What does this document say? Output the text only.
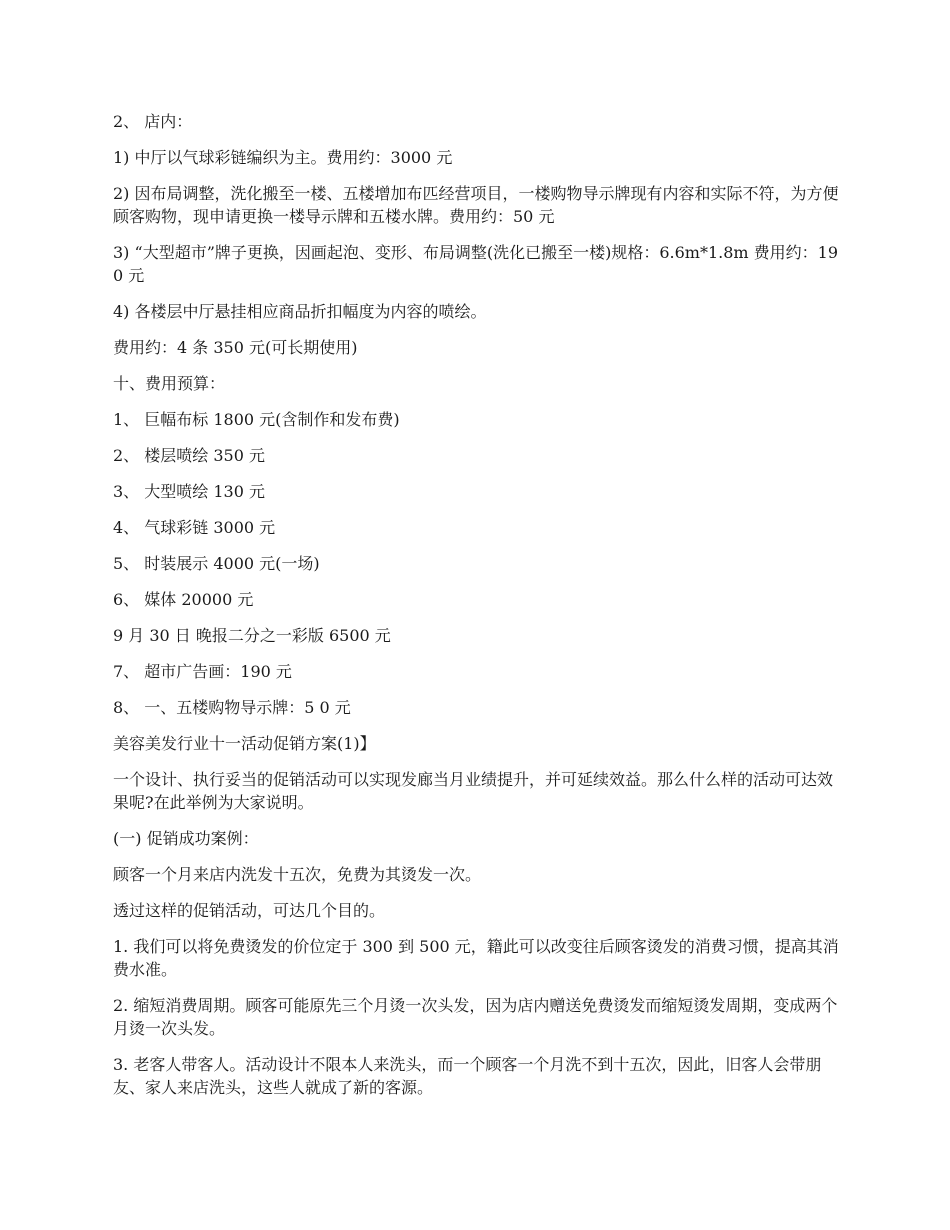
2、 店内：

1) 中厅以气球彩链编织为主。费用约：3000 元

2) 因布局调整，洗化搬至一楼、五楼增加布匹经营项目，一楼购物导示牌现有内容和实际不符，为方便顾客购物，现申请更换一楼导示牌和五楼水牌。费用约：50 元

3) “大型超市”牌子更换，因画起泡、变形、布局调整(洗化已搬至一楼)规格：6.6m*1.8m 费用约：190 元

4) 各楼层中厅悬挂相应商品折扣幅度为内容的喷绘。

费用约：4 条 350 元(可长期使用)

十、费用预算：

1、 巨幅布标 1800 元(含制作和发布费)

2、 楼层喷绘 350 元

3、 大型喷绘 130 元

4、 气球彩链 3000 元

5、 时装展示 4000 元(一场)

6、 媒体 20000 元

9 月 30 日 晚报二分之一彩版 6500 元

7、 超市广告画：190 元

8、 一、五楼购物导示牌：5 0 元

美容美发行业十一活动促销方案(1)】

一个设计、执行妥当的促销活动可以实现发廊当月业绩提升，并可延续效益。那么什么样的活动可达效果呢?在此举例为大家说明。

(一) 促销成功案例：

顾客一个月来店内洗发十五次，免费为其烫发一次。

透过这样的促销活动，可达几个目的。

1. 我们可以将免费烫发的价位定于 300 到 500 元，籍此可以改变往后顾客烫发的消费习惯，提高其消费水准。

2. 缩短消费周期。顾客可能原先三个月烫一次头发，因为店内赠送免费烫发而缩短烫发周期，变成两个月烫一次头发。

3. 老客人带客人。活动设计不限本人来洗头，而一个顾客一个月洗不到十五次，因此，旧客人会带朋友、家人来店洗头，这些人就成了新的客源。
